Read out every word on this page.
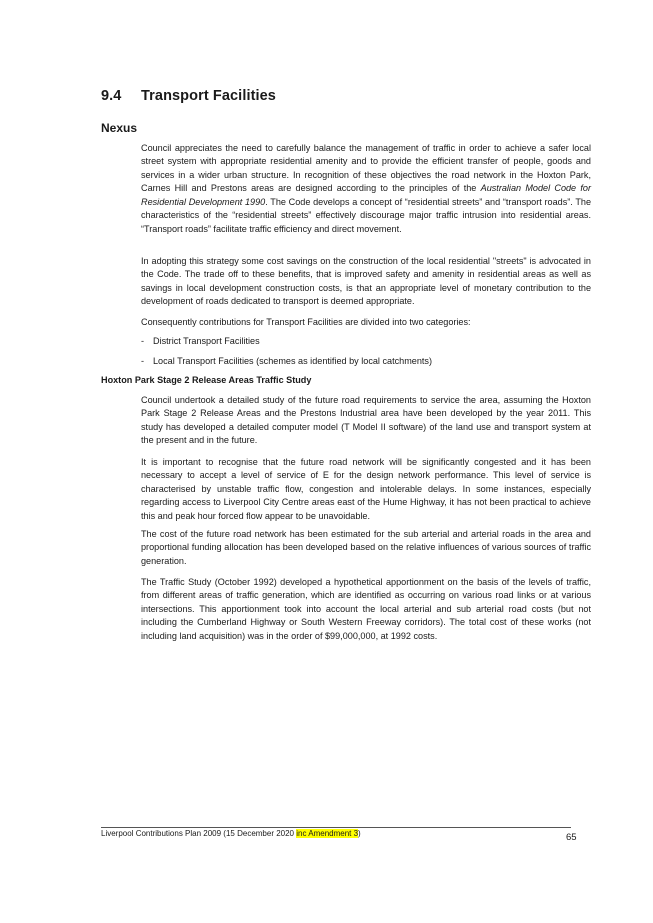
9.4 Transport Facilities
Nexus

Council appreciates the need to carefully balance the management of traffic in order to achieve a safer local street system with appropriate residential amenity and to provide the efficient transfer of people, goods and services in a wider urban structure. In recognition of these objectives the road network in the Hoxton Park, Carnes Hill and Prestons areas are designed according to the principles of the Australian Model Code for Residential Development 1990. The Code develops a concept of “residential streets” and “transport roads”. The characteristics of the “residential streets” effectively discourage major traffic intrusion into residential areas. “Transport roads” facilitate traffic efficiency and direct movement.

In adopting this strategy some cost savings on the construction of the local residential "streets" is advocated in the Code. The trade off to these benefits, that is improved safety and amenity in residential areas as well as savings in local development construction costs, is that an appropriate level of monetary contribution to the development of roads dedicated to transport is deemed appropriate.

Consequently contributions for Transport Facilities are divided into two categories:

- District Transport Facilities
- Local Transport Facilities (schemes as identified by local catchments)
Hoxton Park Stage 2 Release Areas Traffic Study

Council undertook a detailed study of the future road requirements to service the area, assuming the Hoxton Park Stage 2 Release Areas and the Prestons Industrial area have been developed by the year 2011. This study has developed a detailed computer model (T Model II software) of the land use and transport system at the present and in the future.

It is important to recognise that the future road network will be significantly congested and it has been necessary to accept a level of service of E for the design network performance. This level of service is characterised by unstable traffic flow, congestion and intolerable delays. In some instances, especially regarding access to Liverpool City Centre areas east of the Hume Highway, it has not been practical to achieve this and peak hour forced flow appear to be unavoidable.

The cost of the future road network has been estimated for the sub arterial and arterial roads in the area and proportional funding allocation has been developed based on the relative influences of various sources of traffic generation.

The Traffic Study (October 1992) developed a hypothetical apportionment on the basis of the levels of traffic, from different areas of traffic generation, which are identified as occurring on various road links or at various intersections. This apportionment took into account the local arterial and sub arterial road costs (but not including the Cumberland Highway or South Western Freeway corridors). The total cost of these works (not including land acquisition) was in the order of $99,000,000, at 1992 costs.

Liverpool Contributions Plan 2009 (15 December 2020 inc Amendment 3)	65
